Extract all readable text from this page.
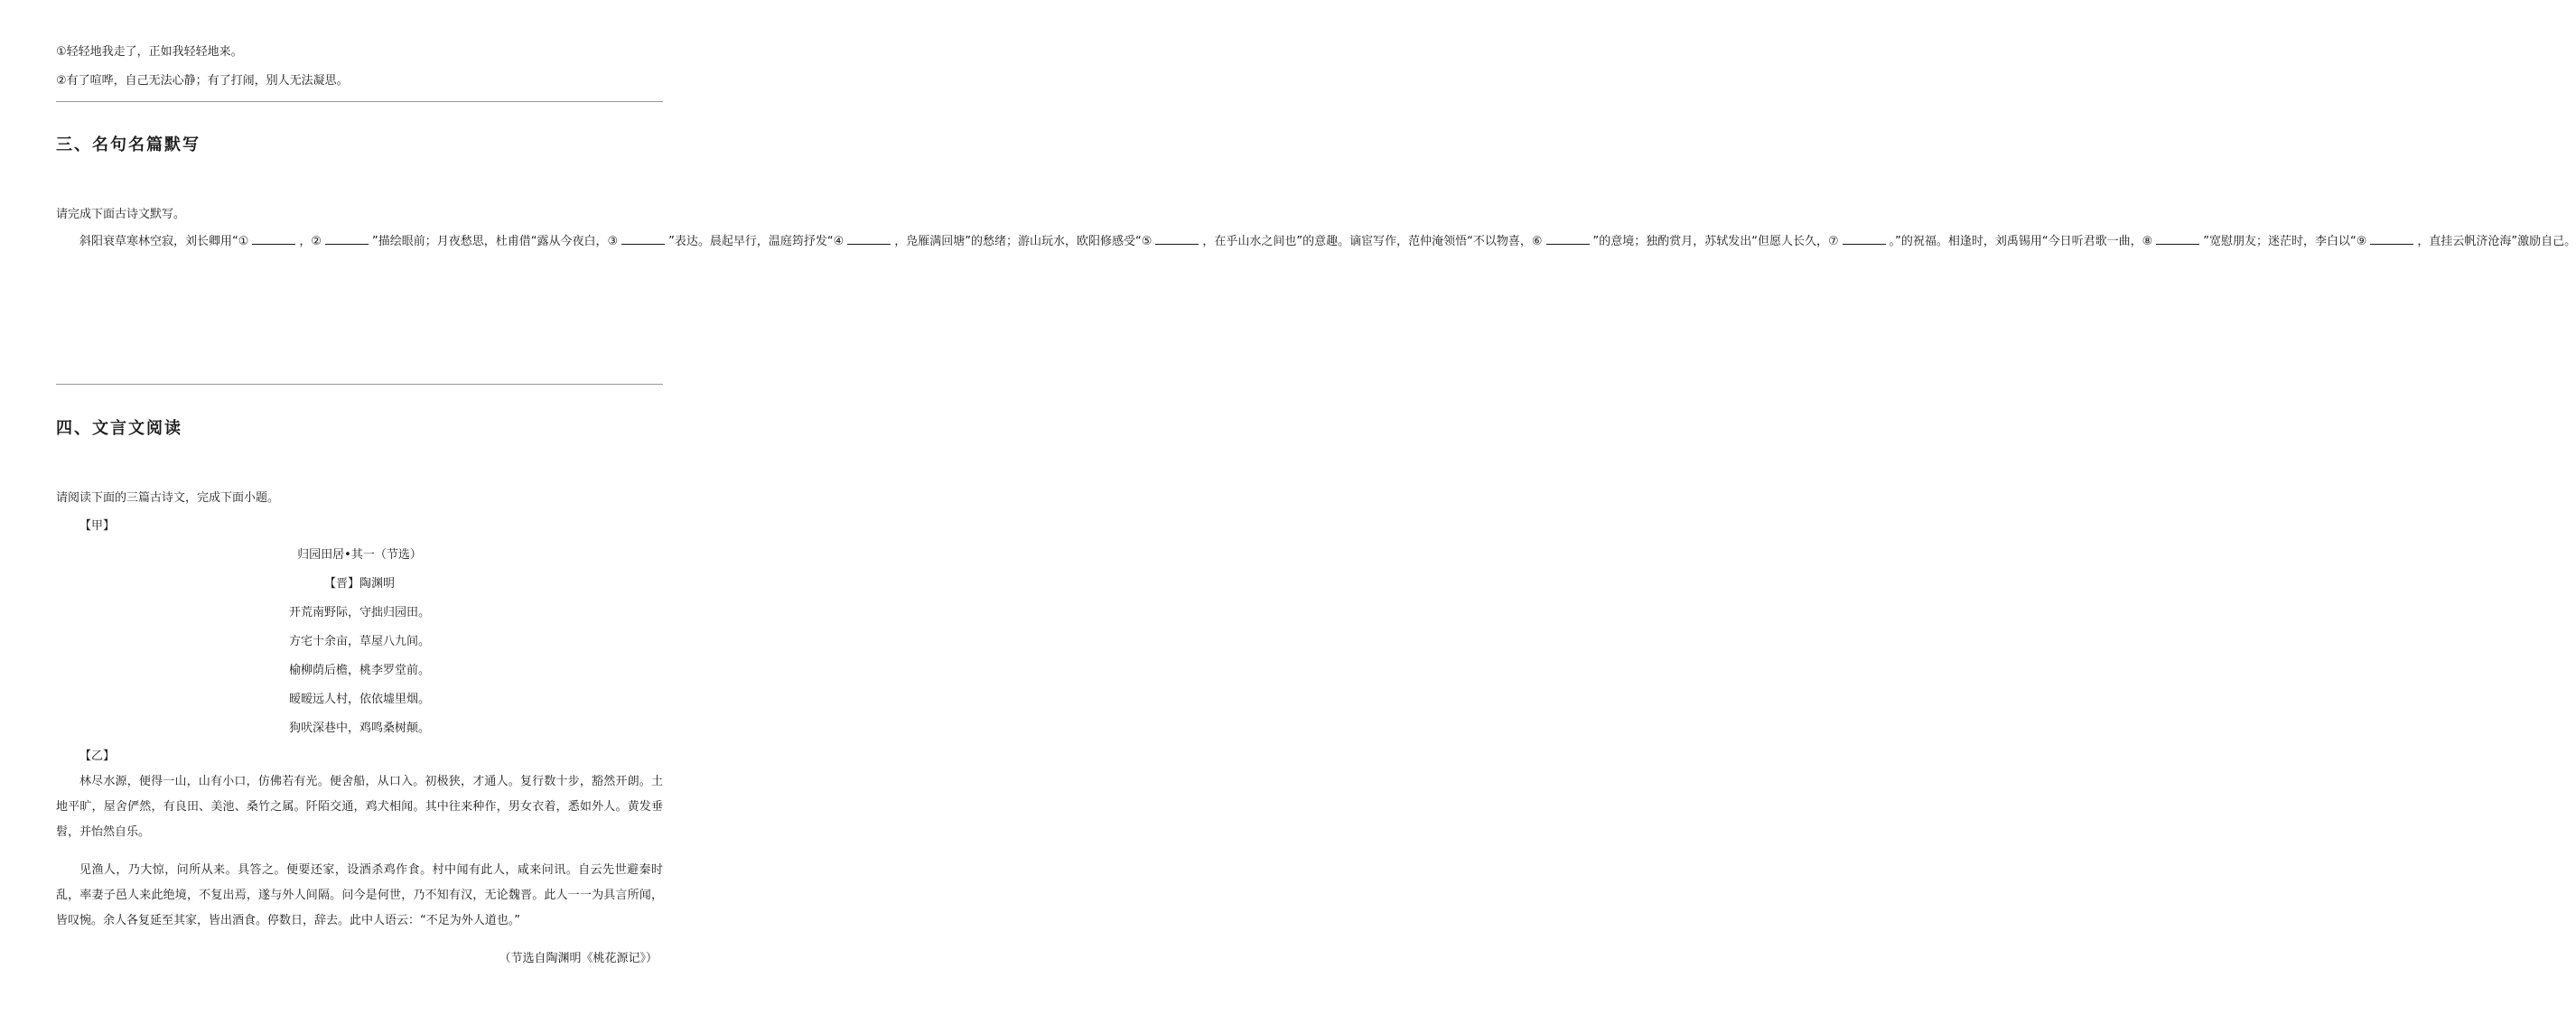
①轻轻地我走了，正如我轻轻地来。
②有了喧哗，自己无法心静；有了打闹，别人无法凝思。
三、名句名篇默写
请完成下面古诗文默写。
斜阳衰草寒林空寂，刘长卿用“①	，②	”描绘眼前；月夜愁思，杜甫借“露从今夜白，③	”表达。晨起早行，温庭筠抒发“④	，凫雁满回塘”的愁绪；游山玩水，欧阳修感受“⑤	，在乎山水之间也”的意趣。谪宦写作，范仲淹领悟“不以物喜，⑥	”的意境；独酌赏月，苏轼发出“但愿人长久，⑦	。”的祝福。相逢时，刘禹锡用“今日听君歌一曲，⑧	”宽慰朋友；迷茫时，李白以“⑨	，直挂云帆济沧海”激励自己。
四、文言文阅读
请阅读下面的三篇古诗文，完成下面小题。
【甲】
归园田居•其一（节选）
【晋】陶渊明
开荒南野际，守拙归园田。
方宅十余亩，草屋八九间。
榆柳荫后檐，桃李罗堂前。
暧暧远人村，依依墟里烟。
狗吠深巷中，鸡鸣桑树颠。
【乙】
林尽水源，便得一山，山有小口，仿佛若有光。便舍船，从口入。初极狭，才通人。复行数十步，豁然开朗。土地平旷，屋舍俨然，有良田、美池、桑竹之属。阡陌交通，鸡犬相闻。其中往来种作，男女衣着，悉如外人。黄发垂髫，并怡然自乐。
见渔人，乃大惊，问所从来。具答之。便要还家，设酒杀鸡作食。村中闻有此人，咸来问讯。自云先世避秦时乱，率妻子邑人来此绝境，不复出焉，遂与外人间隔。问今是何世，乃不知有汉，无论魏晋。此人一一为具言所闻，皆叹惋。余人各复延至其家，皆出酒食。停数日，辞去。此中人语云：“不足为外人道也。”
（节选自陶渊明《桃花源记》）
